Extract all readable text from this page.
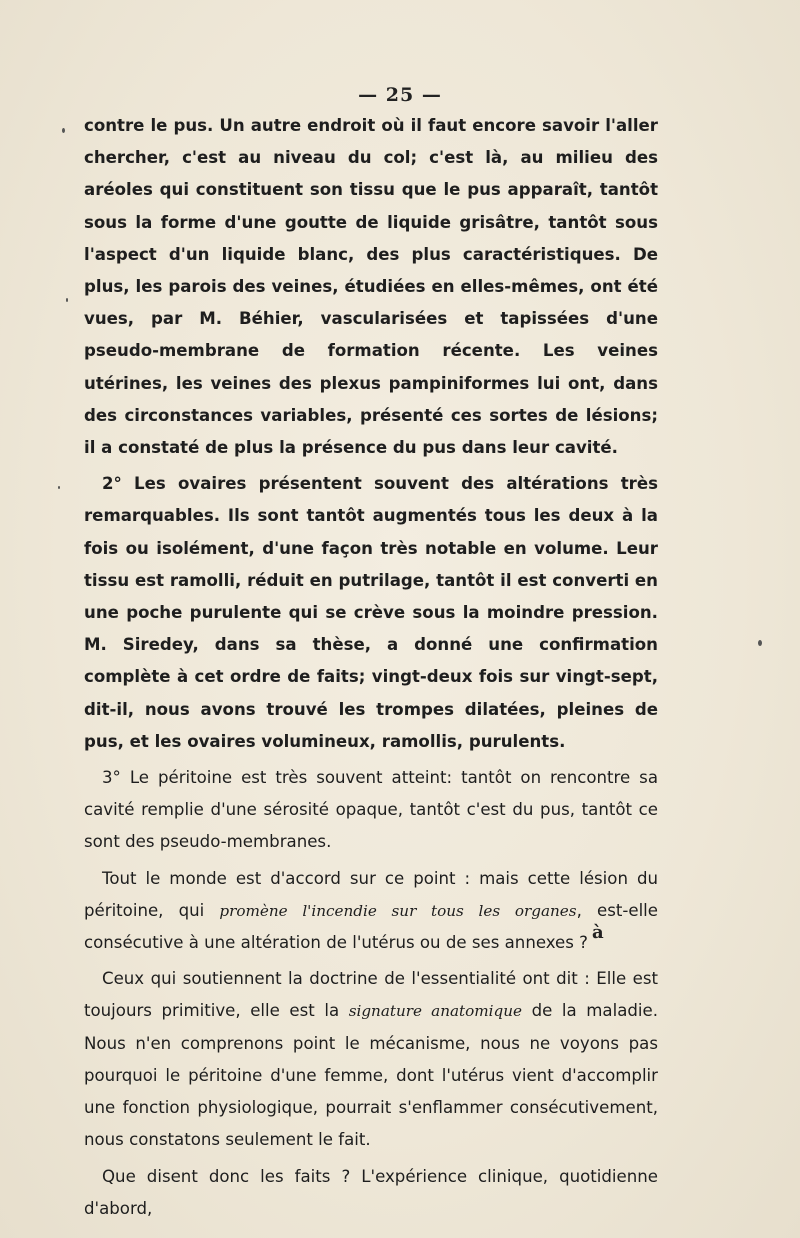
— 25 —

contre le pus. Un autre endroit où il faut encore savoir l'aller chercher, c'est au niveau du col; c'est là, au milieu des aréoles qui constituent son tissu que le pus apparaît, tantôt sous la forme d'une goutte de liquide grisâtre, tantôt sous l'aspect d'un liquide blanc, des plus caractéristiques. De plus, les parois des veines, étudiées en elles-mêmes, ont été vues, par M. Béhier, vascularisées et tapissées d'une pseudo-membrane de formation récente. Les veines utérines, les veines des plexus pampiniformes lui ont, dans des circonstances variables, présenté ces sortes de lésions; il a constaté de plus la présence du pus dans leur cavité.

2° Les ovaires présentent souvent des altérations très remarquables. Ils sont tantôt augmentés tous les deux à la fois ou isolément, d'une façon très notable en volume. Leur tissu est ramolli, réduit en putrilage, tantôt il est converti en une poche purulente qui se crève sous la moindre pression. M. Siredey, dans sa thèse, a donné une confirmation complète à cet ordre de faits; vingt-deux fois sur vingt-sept, dit-il, nous avons trouvé les trompes dilatées, pleines de pus, et les ovaires volumineux, ramollis, purulents.

3° Le péritoine est très souvent atteint: tantôt on rencontre sa cavité remplie d'une sérosité opaque, tantôt c'est du pus, tantôt ce sont des pseudo-membranes.

Tout le monde est d'accord sur ce point : mais cette lésion du péritoine, qui promène l'incendie sur tous les organes, est-elle consécutive à une altération de l'utérus ou de ses annexes ?

Ceux qui soutiennent la doctrine de l'essentialité ont dit : Elle est toujours primitive, elle est la signature anatomique de la maladie. Nous n'en comprenons point le mécanisme, nous ne voyons pas pourquoi le péritoine d'une femme, dont l'utérus vient d'accomplir une fonction physiologique, pourrait s'enflammer consécutivement, nous constatons seulement le fait.

Que disent donc les faits ? L'expérience clinique, quotidienne d'abord,

à
